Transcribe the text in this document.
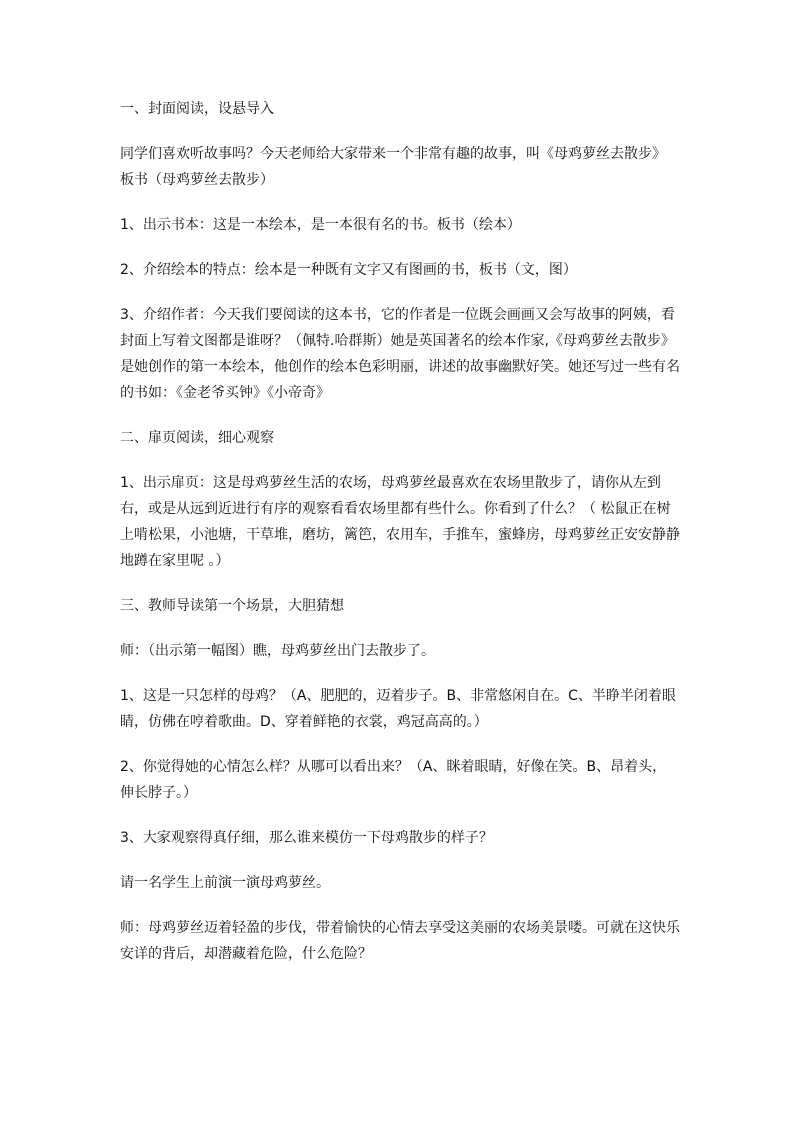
一、封面阅读，设悬导入

同学们喜欢听故事吗？今天老师给大家带来一个非常有趣的故事，叫《母鸡萝丝去散步》 板书（母鸡萝丝去散步）

1、出示书本：这是一本绘本，是一本很有名的书。板书（绘本）

2、介绍绘本的特点：绘本是一种既有文字又有图画的书，板书（文，图）

3、介绍作者：今天我们要阅读的这本书，它的作者是一位既会画画又会写故事的阿姨，看封面上写着文图都是谁呀？（佩特.哈群斯）她是英国著名的绘本作家,《母鸡萝丝去散步》是她创作的第一本绘本，他创作的绘本色彩明丽，讲述的故事幽默好笑。她还写过一些有名的书如：《金老爷买钟》《小帝奇》

二、扉页阅读，细心观察

1、出示扉页：这是母鸡萝丝生活的农场，母鸡萝丝最喜欢在农场里散步了，请你从左到右，或是从远到近进行有序的观察看看农场里都有些什么。你看到了什么？（ 松鼠正在树上啃松果，小池塘，干草堆，磨坊，篱笆，农用车，手推车，蜜蜂房，母鸡萝丝正安安静静地蹲在家里呢 。）

三、教师导读第一个场景，大胆猜想

师：（出示第一幅图）瞧，母鸡萝丝出门去散步了。

1、这是一只怎样的母鸡？（A、肥肥的，迈着步子。B、非常悠闲自在。C、半睁半闭着眼睛，仿佛在哼着歌曲。D、穿着鲜艳的衣裳，鸡冠高高的。）

2、你觉得她的心情怎么样？从哪可以看出来？（A、眯着眼睛，好像在笑。B、昂着头，伸长脖子。）

3、大家观察得真仔细，那么谁来模仿一下母鸡散步的样子？

请一名学生上前演一演母鸡萝丝。

师：母鸡萝丝迈着轻盈的步伐，带着愉快的心情去享受这美丽的农场美景喽。可就在这快乐安详的背后，却潜藏着危险，什么危险？
